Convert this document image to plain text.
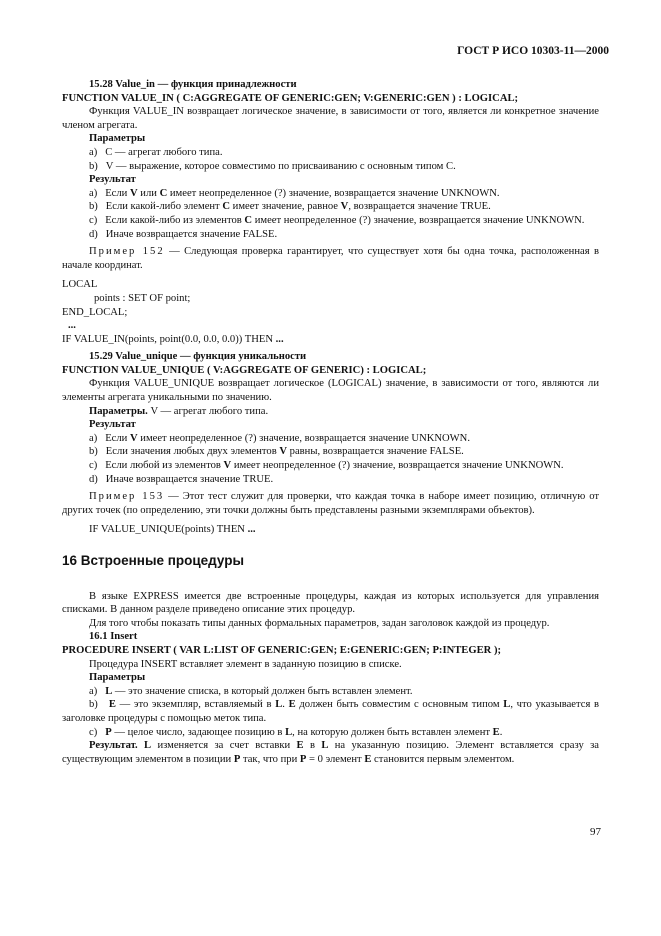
ГОСТ Р ИСО 10303-11—2000

15.28 Value_in — функция принадлежности

FUNCTION VALUE_IN ( C:AGGREGATE OF GENERIC:GEN; V:GENERIC:GEN ) : LOGICAL;

Функция VALUE_IN возвращает логическое значение, в зависимости от того, является ли конкретное значение членом агрегата.

Параметры

a) С — агрегат любого типа.

b) V — выражение, которое совместимо по присваиванию с основным типом С.

Результат

a) Если V или C имеет неопределенное (?) значение, возвращается значение UNKNOWN.

b) Если какой-либо элемент C имеет значение, равное V, возвращается значение TRUE.

c) Если какой-либо из элементов C имеет неопределенное (?) значение, возвращается значение UNKNOWN.

d) Иначе возвращается значение FALSE.

Пример 152 — Следующая проверка гарантирует, что существует хотя бы одна точка, расположенная в начале координат.

LOCAL
points : SET OF point;
END_LOCAL;
...
IF VALUE_IN(points, point(0.0, 0.0, 0.0)) THEN ...

15.29 Value_unique — функция уникальности

FUNCTION VALUE_UNIQUE ( V:AGGREGATE OF GENERIC) : LOGICAL;

Функция VALUE_UNIQUE возвращает логическое (LOGICAL) значение, в зависимости от того, являются ли элементы агрегата уникальными по значению.

Параметры. V — агрегат любого типа.

Результат

a) Если V имеет неопределенное (?) значение, возвращается значение UNKNOWN.

b) Если значения любых двух элементов V равны, возвращается значение FALSE.

c) Если любой из элементов V имеет неопределенное (?) значение, возвращается значение UNKNOWN.

d) Иначе возвращается значение TRUE.

Пример 153 — Этот тест служит для проверки, что каждая точка в наборе имеет позицию, отличную от других точек (по определению, эти точки должны быть представлены разными экземплярами объектов).

IF VALUE_UNIQUE(points) THEN ...

16 Встроенные процедуры

В языке EXPRESS имеется две встроенные процедуры, каждая из которых используется для управления списками. В данном разделе приведено описание этих процедур.

Для того чтобы показать типы данных формальных параметров, задан заголовок каждой из процедур.

16.1 Insert

PROCEDURE INSERT ( VAR L:LIST OF GENERIC:GEN; E:GENERIC:GEN; P:INTEGER );

Процедура INSERT вставляет элемент в заданную позицию в списке.

Параметры

a) L — это значение списка, в который должен быть вставлен элемент.

b) E — это экземпляр, вставляемый в L. E должен быть совместим с основным типом L, что указывается в заголовке процедуры с помощью меток типа.

c) P — целое число, задающее позицию в L, на которую должен быть вставлен элемент E.

Результат. L изменяется за счет вставки E в L на указанную позицию. Элемент вставляется сразу за существующим элементом в позиции P так, что при P = 0 элемент E становится первым элементом.

97
